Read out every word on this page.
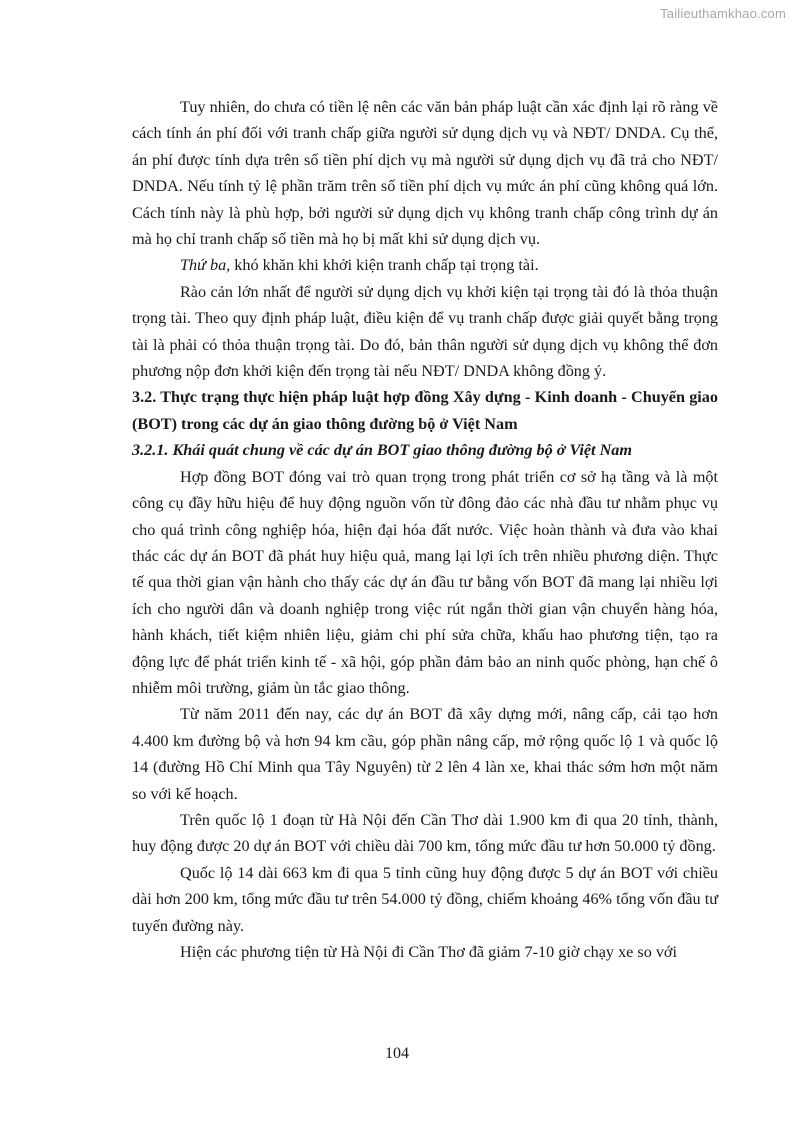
Tailieuthamkhao.com

Tuy nhiên, do chưa có tiền lệ nên các văn bản pháp luật cần xác định lại rõ ràng về cách tính án phí đối với tranh chấp giữa người sử dụng dịch vụ và NĐT/ DNDA. Cụ thể, án phí được tính dựa trên số tiền phí dịch vụ mà người sử dụng dịch vụ đã trả cho NĐT/ DNDA. Nếu tính tỷ lệ phần trăm trên số tiền phí dịch vụ mức án phí cũng không quá lớn. Cách tính này là phù hợp, bởi người sử dụng dịch vụ không tranh chấp công trình dự án mà họ chỉ tranh chấp số tiền mà họ bị mất khi sử dụng dịch vụ.

Thứ ba, khó khăn khi khởi kiện tranh chấp tại trọng tài.

Rào cản lớn nhất để người sử dụng dịch vụ khởi kiện tại trọng tài đó là thỏa thuận trọng tài. Theo quy định pháp luật, điều kiện để vụ tranh chấp được giải quyết bằng trọng tài là phải có thỏa thuận trọng tài. Do đó, bản thân người sử dụng dịch vụ không thể đơn phương nộp đơn khởi kiện đến trọng tài nếu NĐT/ DNDA không đồng ý.

3.2. Thực trạng thực hiện pháp luật hợp đồng Xây dựng - Kinh doanh - Chuyển giao (BOT) trong các dự án giao thông đường bộ ở Việt Nam

3.2.1. Khái quát chung về các dự án BOT giao thông đường bộ ở Việt Nam

Hợp đồng BOT đóng vai trò quan trọng trong phát triển cơ sở hạ tầng và là một công cụ đầy hữu hiệu để huy động nguồn vốn từ đông đảo các nhà đầu tư nhằm phục vụ cho quá trình công nghiệp hóa, hiện đại hóa đất nước. Việc hoàn thành và đưa vào khai thác các dự án BOT đã phát huy hiệu quả, mang lại lợi ích trên nhiều phương diện. Thực tế qua thời gian vận hành cho thấy các dự án đầu tư bằng vốn BOT đã mang lại nhiều lợi ích cho người dân và doanh nghiệp trong việc rút ngắn thời gian vận chuyển hàng hóa, hành khách, tiết kiệm nhiên liệu, giảm chi phí sửa chữa, khấu hao phương tiện, tạo ra động lực để phát triển kinh tế - xã hội, góp phần đảm bảo an ninh quốc phòng, hạn chế ô nhiễm môi trường, giảm ùn tắc giao thông.

Từ năm 2011 đến nay, các dự án BOT đã xây dựng mới, nâng cấp, cải tạo hơn 4.400 km đường bộ và hơn 94 km cầu, góp phần nâng cấp, mở rộng quốc lộ 1 và quốc lộ 14 (đường Hồ Chí Minh qua Tây Nguyên) từ 2 lên 4 làn xe, khai thác sớm hơn một năm so với kế hoạch.

Trên quốc lộ 1 đoạn từ Hà Nội đến Cần Thơ dài 1.900 km đi qua 20 tỉnh, thành, huy động được 20 dự án BOT với chiều dài 700 km, tổng mức đầu tư hơn 50.000 tỷ đồng.

Quốc lộ 14 dài 663 km đi qua 5 tỉnh cũng huy động được 5 dự án BOT với chiều dài hơn 200 km, tổng mức đầu tư trên 54.000 tỷ đồng, chiếm khoảng 46% tổng vốn đầu tư tuyến đường này.

Hiện các phương tiện từ Hà Nội đi Cần Thơ đã giảm 7-10 giờ chạy xe so với

104
